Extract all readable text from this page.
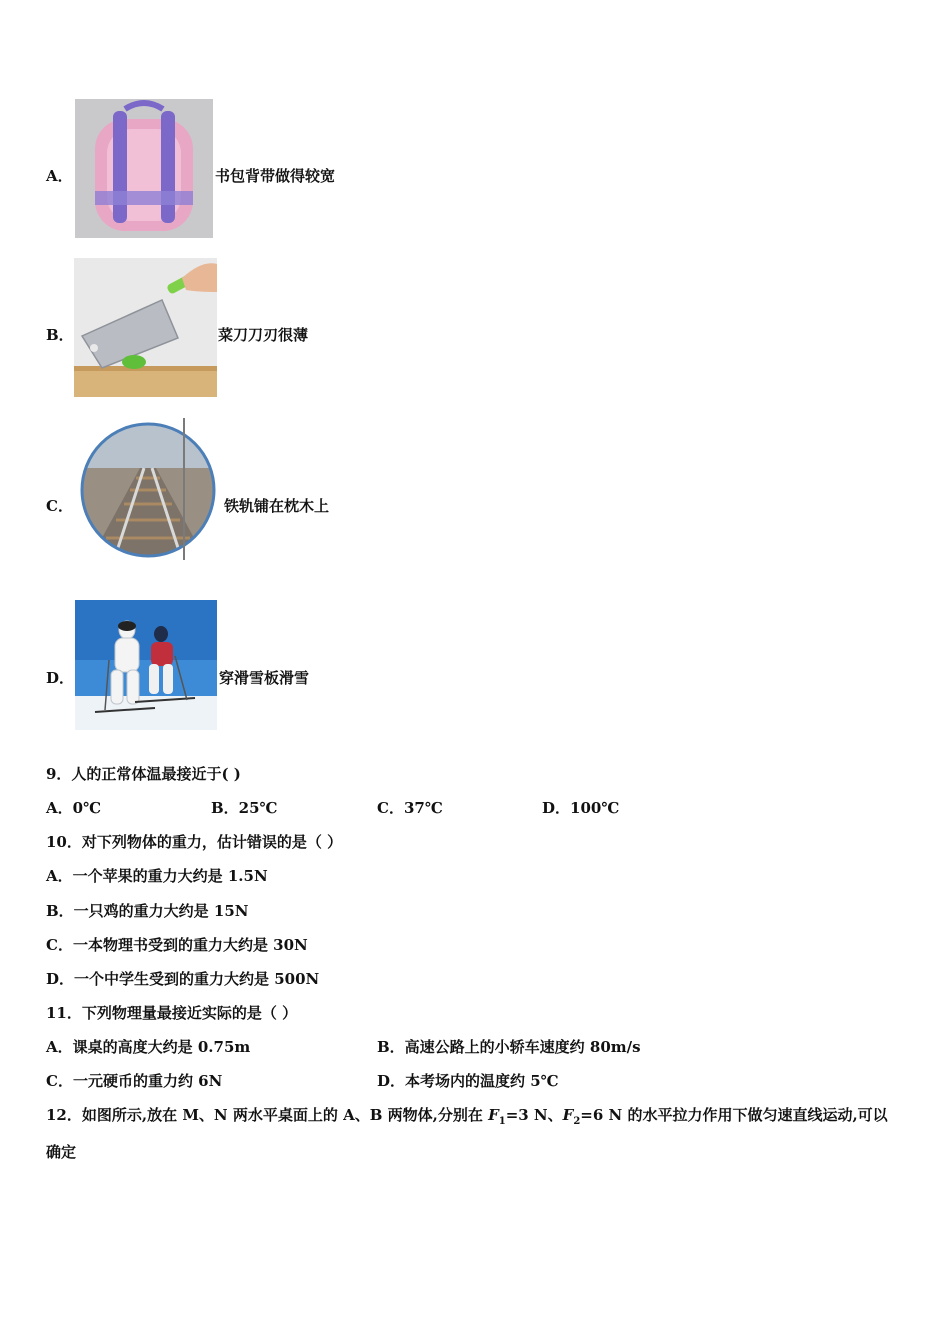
A．	书包背带做得较宽
B．	菜刀刀刃很薄
C．	铁轨铺在枕木上
D．	穿滑雪板滑雪
9．人的正常体温最接近于( )
A．0℃	B．25℃	C．37℃	D．100℃
10．对下列物体的重力，估计错误的是（ ）
A．一个苹果的重力大约是 1.5N
B．一只鸡的重力大约是 15N
C．一本物理书受到的重力大约是 30N
D．一个中学生受到的重力大约是 500N
11．下列物理量最接近实际的是（ ）
A．课桌的高度大约是 0.75m	B．高速公路上的小轿车速度约 80m/s
C．一元硬币的重力约 6N	D．本考场内的温度约 5℃
12．如图所示,放在 M、N 两水平桌面上的 A、B 两物体,分别在 $F_1=3$ N、$F_2=6$ N 的水平拉力作用下做匀速直线运动,可以
确定
